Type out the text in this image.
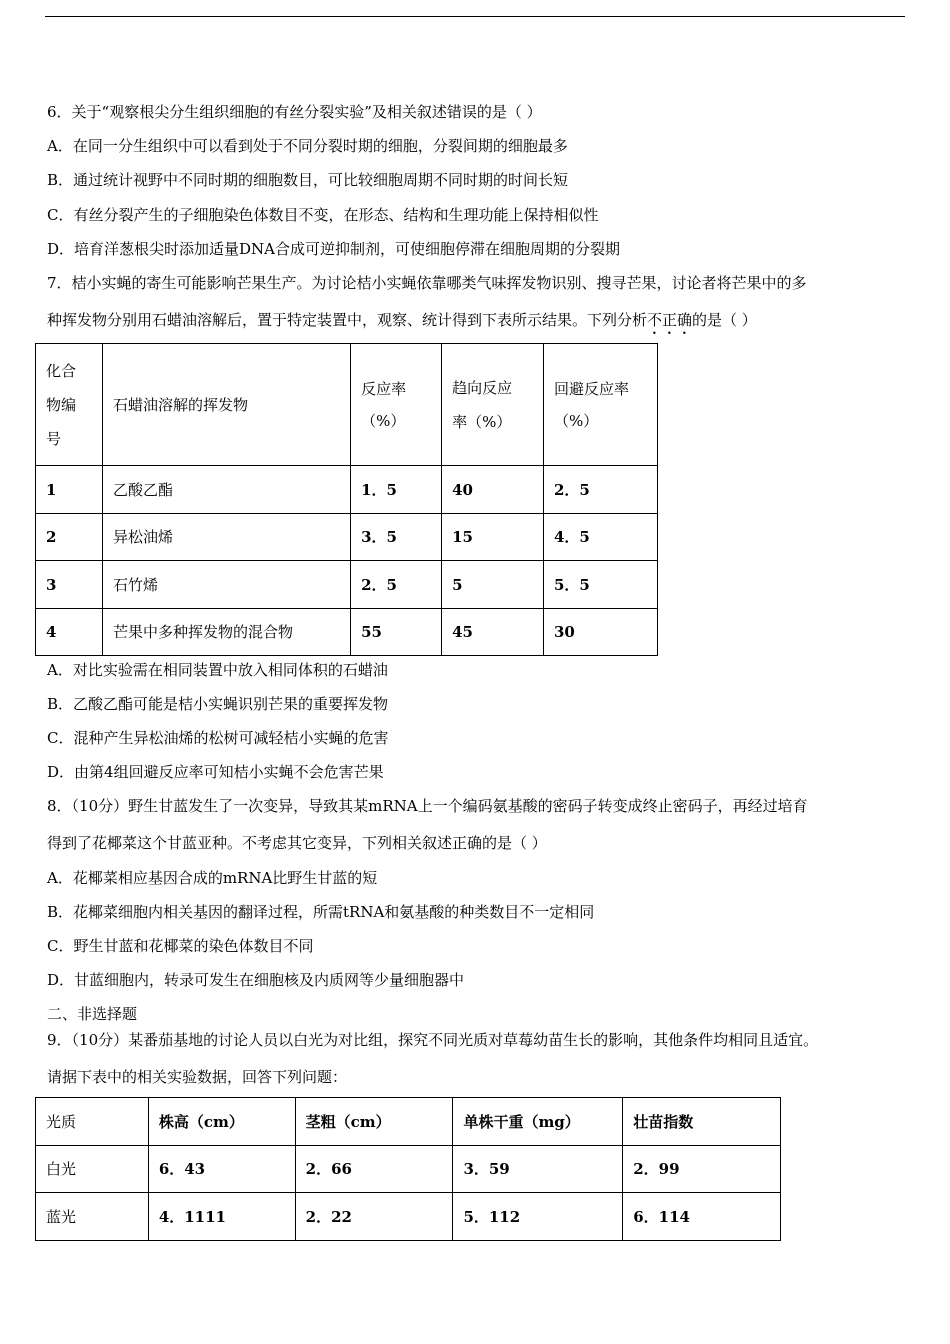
6．关于“观察根尖分生组织细胞的有丝分裂实验”及相关叙述错误的是（ ）
A．在同一分生组织中可以看到处于不同分裂时期的细胞，分裂间期的细胞最多
B．通过统计视野中不同时期的细胞数目，可比较细胞周期不同时期的时间长短
C．有丝分裂产生的子细胞染色体数目不变，在形态、结构和生理功能上保持相似性
D．培育洋葱根尖时添加适量DNA合成可逆抑制剂，可使细胞停滞在细胞周期的分裂期
7．桔小实蝇的寄生可能影响芒果生产。为讨论桔小实蝇依靠哪类气味挥发物识别、搜寻芒果，讨论者将芒果中的多
种挥发物分别用石蜡油溶解后，置于特定装置中，观察、统计得到下表所示结果。下列分析不正确的是（ ）
化合物编号	石蜡油溶解的挥发物	反应率（%）	趋向反应率（%）	回避反应率（%）

1	乙酸乙酯	1．5	40	2．5
2	异松油烯	3．5	15	4．5
3	石竹烯	2．5	5	5．5
4	芒果中多种挥发物的混合物	55	45	30
A．对比实验需在相同装置中放入相同体积的石蜡油
B．乙酸乙酯可能是桔小实蝇识别芒果的重要挥发物
C．混种产生异松油烯的松树可减轻桔小实蝇的危害
D．由第4组回避反应率可知桔小实蝇不会危害芒果
8．（10分）野生甘蓝发生了一次变异，导致其某mRNA上一个编码氨基酸的密码子转变成终止密码子，再经过培育
得到了花椰菜这个甘蓝亚种。不考虑其它变异，下列相关叙述正确的是（ ）
A．花椰菜相应基因合成的mRNA比野生甘蓝的短
B．花椰菜细胞内相关基因的翻译过程，所需tRNA和氨基酸的种类数目不一定相同
C．野生甘蓝和花椰菜的染色体数目不同
D．甘蓝细胞内，转录可发生在细胞核及内质网等少量细胞器中
二、非选择题
9．（10分）某番茄基地的讨论人员以白光为对比组，探究不同光质对草莓幼苗生长的影响，其他条件均相同且适宜。
请据下表中的相关实验数据，回答下列问题：
光质	株高（cm）	茎粗（cm）	单株干重（mg）	壮苗指数
白光	6．43	2．66	3．59	2．99
蓝光	4．1111	2．22	5．112	6．114
